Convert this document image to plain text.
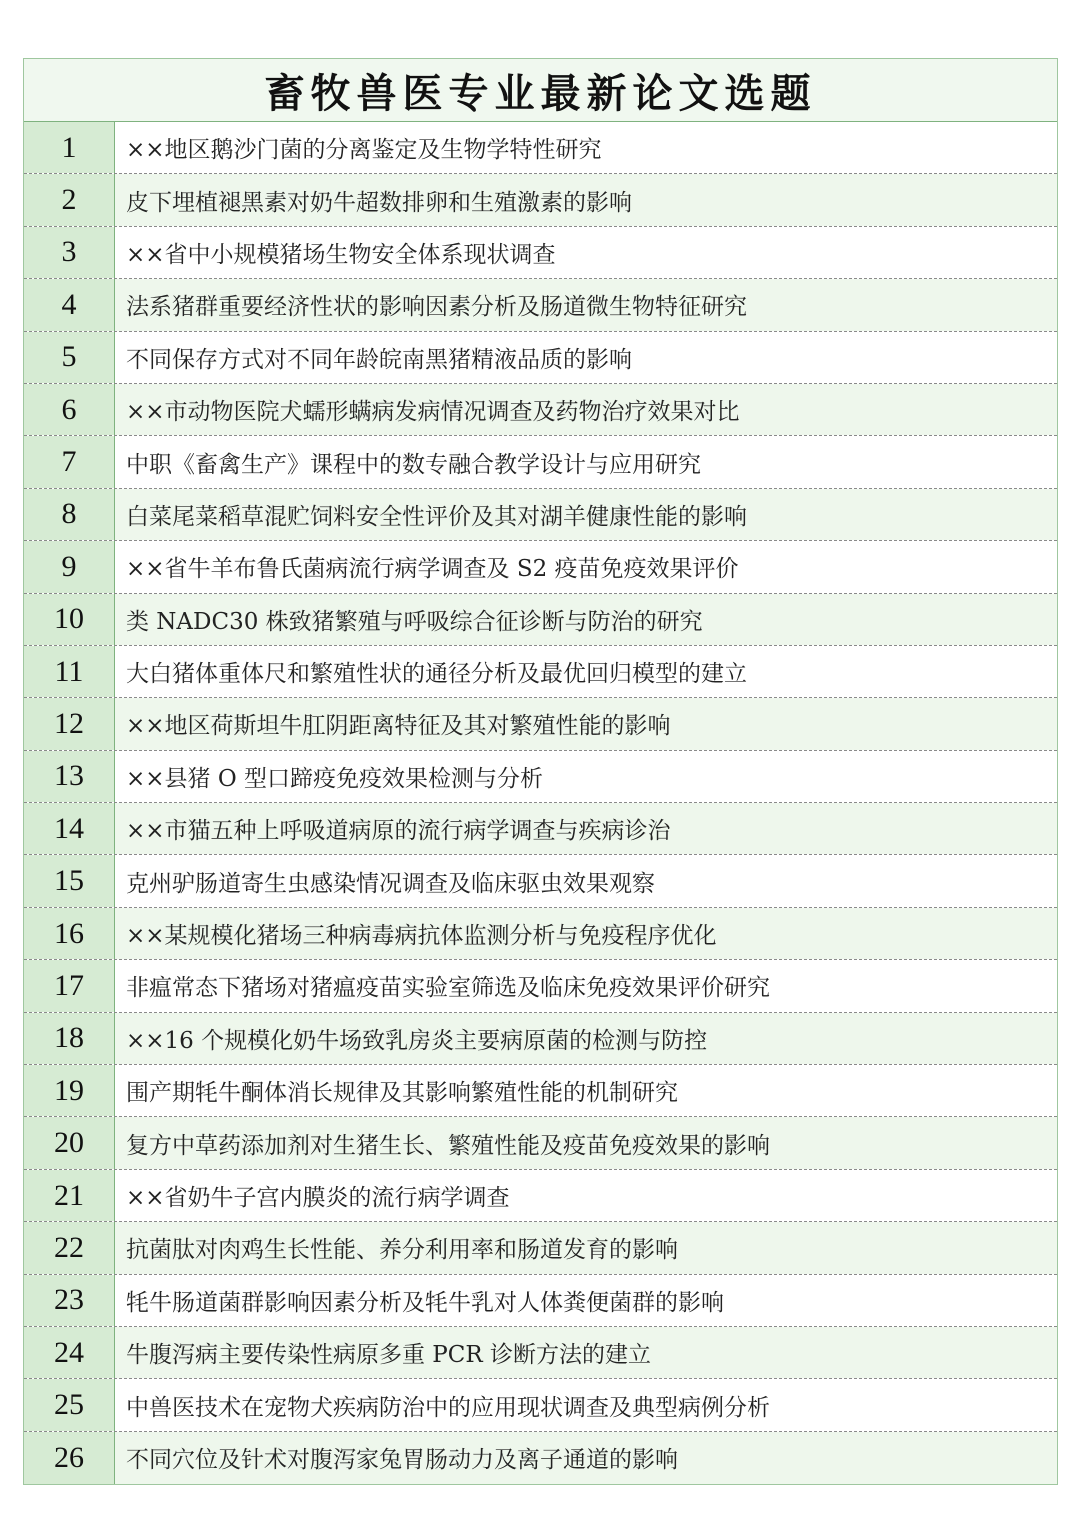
畜牧兽医专业最新论文选题
1	××地区鹅沙门菌的分离鉴定及生物学特性研究
2	皮下埋植褪黑素对奶牛超数排卵和生殖激素的影响
3	××省中小规模猪场生物安全体系现状调查
4	法系猪群重要经济性状的影响因素分析及肠道微生物特征研究
5	不同保存方式对不同年龄皖南黑猪精液品质的影响
6	××市动物医院犬蠕形螨病发病情况调查及药物治疗效果对比
7	中职《畜禽生产》课程中的数专融合教学设计与应用研究
8	白菜尾菜稻草混贮饲料安全性评价及其对湖羊健康性能的影响
9	××省牛羊布鲁氏菌病流行病学调查及 S2 疫苗免疫效果评价
10	类 NADC30 株致猪繁殖与呼吸综合征诊断与防治的研究
11	大白猪体重体尺和繁殖性状的通径分析及最优回归模型的建立
12	××地区荷斯坦牛肛阴距离特征及其对繁殖性能的影响
13	××县猪 O 型口蹄疫免疫效果检测与分析
14	××市猫五种上呼吸道病原的流行病学调查与疾病诊治
15	克州驴肠道寄生虫感染情况调查及临床驱虫效果观察
16	××某规模化猪场三种病毒病抗体监测分析与免疫程序优化
17	非瘟常态下猪场对猪瘟疫苗实验室筛选及临床免疫效果评价研究
18	××16 个规模化奶牛场致乳房炎主要病原菌的检测与防控
19	围产期牦牛酮体消长规律及其影响繁殖性能的机制研究
20	复方中草药添加剂对生猪生长、繁殖性能及疫苗免疫效果的影响
21	××省奶牛子宫内膜炎的流行病学调查
22	抗菌肽对肉鸡生长性能、养分利用率和肠道发育的影响
23	牦牛肠道菌群影响因素分析及牦牛乳对人体粪便菌群的影响
24	牛腹泻病主要传染性病原多重 PCR 诊断方法的建立
25	中兽医技术在宠物犬疾病防治中的应用现状调查及典型病例分析
26	不同穴位及针术对腹泻家兔胃肠动力及离子通道的影响
